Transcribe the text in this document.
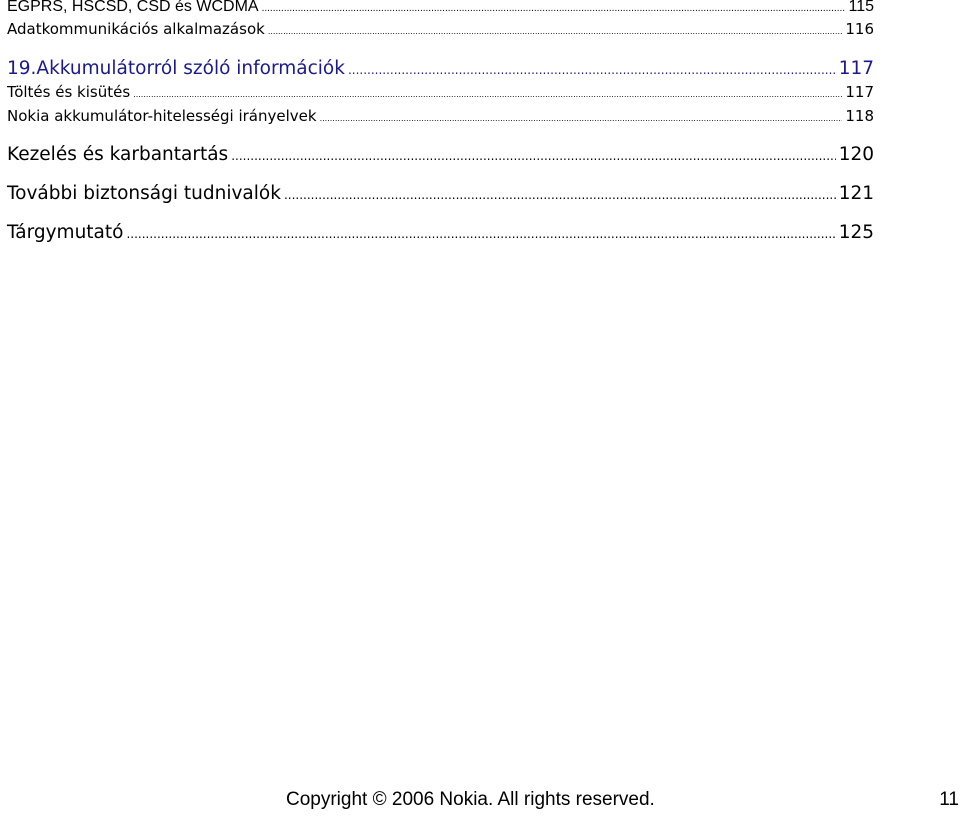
EGPRS, HSCSD, CSD és WCDMA .....	115
Adatkommunikációs alkalmazások .....	116
19.Akkumulátorról szóló információk .....	117
Töltés és kisütés .....	117
Nokia akkumulátor-hitelességi irányelvek .....	118
Kezelés és karbantartás .....	120
További biztonsági tudnivalók .....	121
Tárgymutató .....	125
Copyright © 2006 Nokia. All rights reserved.	11
